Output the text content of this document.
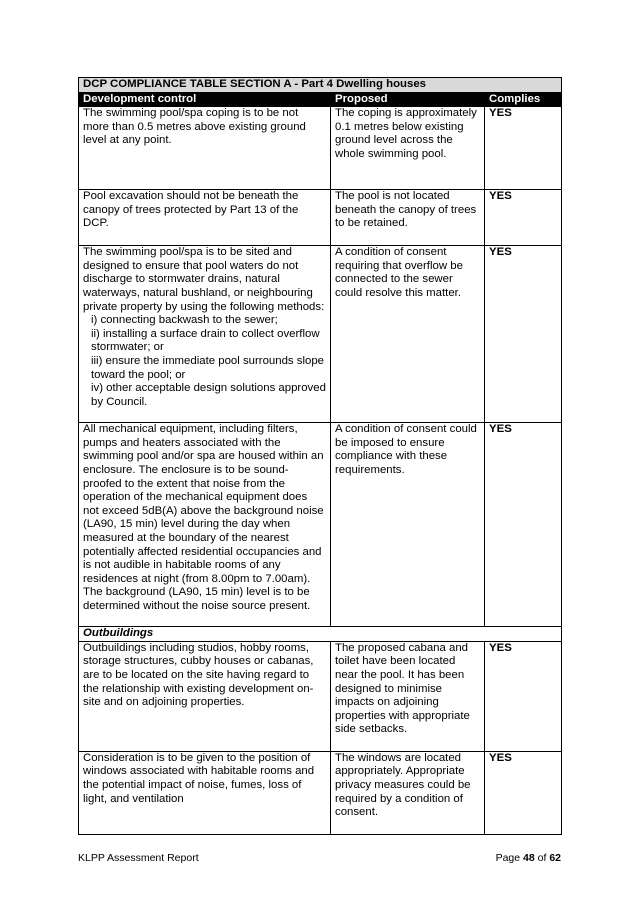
DCP COMPLIANCE TABLE SECTION A - Part 4 Dwelling houses		
Development control	Proposed	Complies

The swimming pool/spa coping is to be not more than 0.5 metres above existing ground level at any point.	The coping is approximately 0.1 metres below existing ground level across the whole swimming pool.	YES

Pool excavation should not be beneath the canopy of trees protected by Part 13 of the DCP.	The pool is not located beneath the canopy of trees to be retained.	YES

The swimming pool/spa is to be sited and designed to ensure that pool waters do not discharge to stormwater drains, natural waterways, natural bushland, or neighbouring private property by using the following methods:
i) connecting backwash to the sewer;
ii) installing a surface drain to collect overflow stormwater; or
iii) ensure the immediate pool surrounds slope toward the pool; or
iv) other acceptable design solutions approved by Council.	A condition of consent requiring that overflow be connected to the sewer could resolve this matter.	YES

All mechanical equipment, including filters, pumps and heaters associated with the swimming pool and/or spa are housed within an enclosure. The enclosure is to be sound-proofed to the extent that noise from the operation of the mechanical equipment does not exceed 5dB(A) above the background noise (LA90, 15 min) level during the day when measured at the boundary of the nearest potentially affected residential occupancies and is not audible in habitable rooms of any residences at night (from 8.00pm to 7.00am). The background (LA90, 15 min) level is to be determined without the noise source present.	A condition of consent could be imposed to ensure compliance with these requirements.	YES
Outbuildings		

Outbuildings including studios, hobby rooms, storage structures, cubby houses or cabanas, are to be located on the site having regard to the relationship with existing development on-site and on adjoining properties.	The proposed cabana and toilet have been located near the pool. It has been designed to minimise impacts on adjoining properties with appropriate side setbacks.	YES

Consideration is to be given to the position of windows associated with habitable rooms and the potential impact of noise, fumes, loss of light, and ventilation	The windows are located appropriately. Appropriate privacy measures could be required by a condition of consent.	YES
KLPP Assessment Report	Page 48 of 62
